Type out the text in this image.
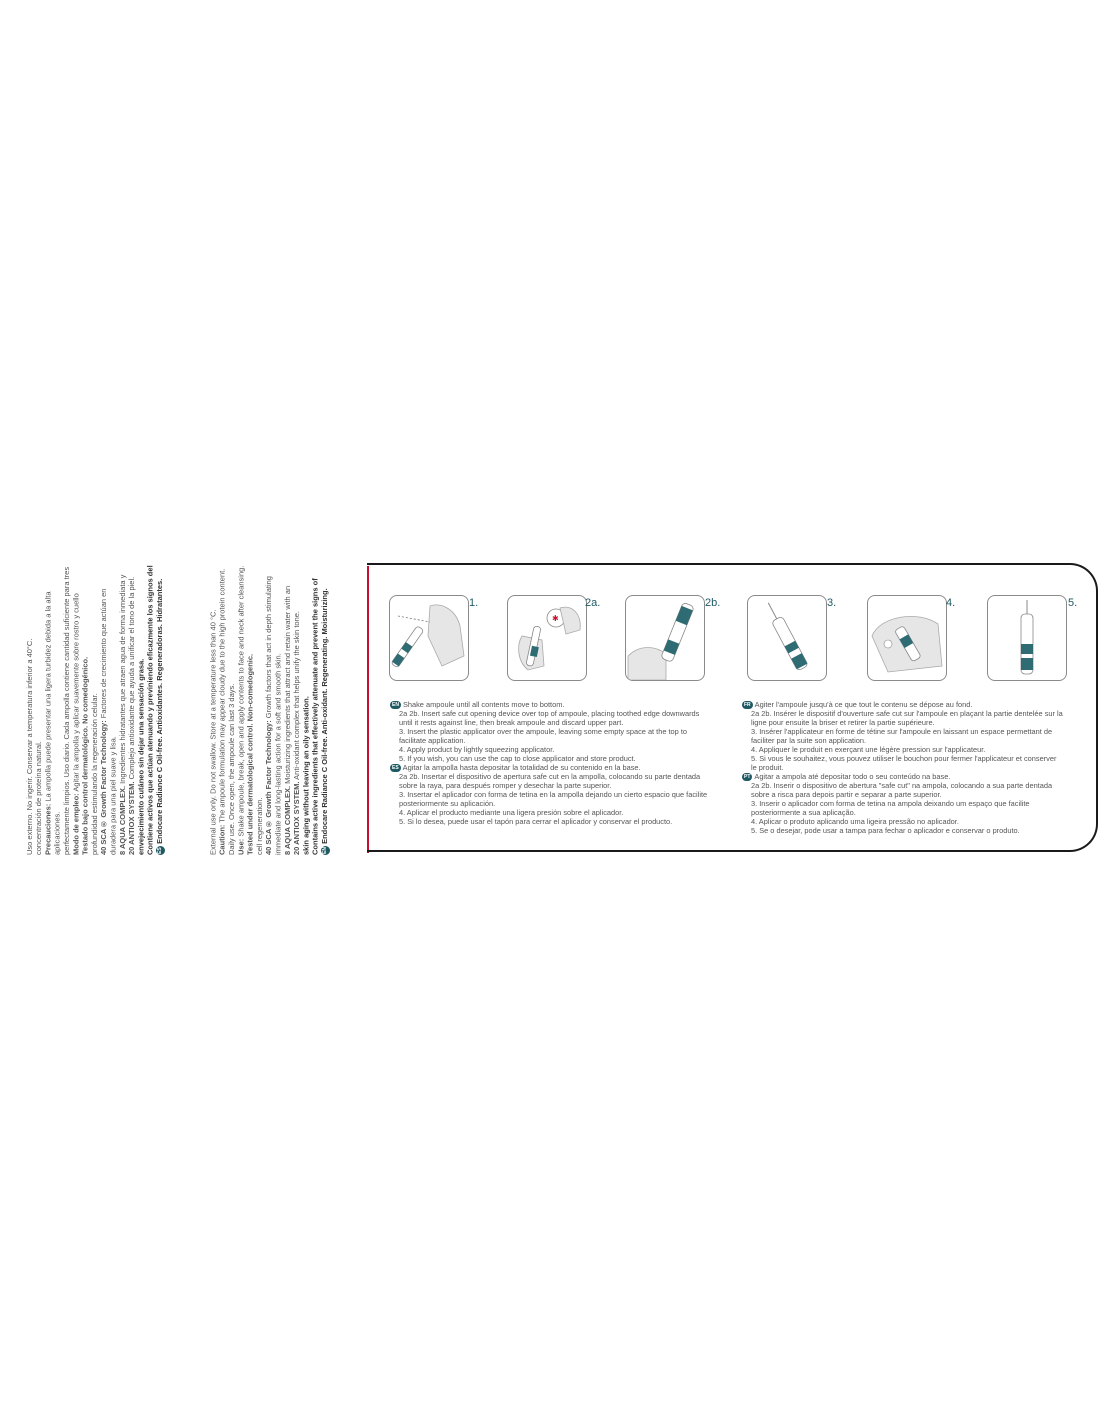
EN Endocare Radiance C Oil-free. Anti-oxidant. Regenerating. Moisturizing. Contains active ingredients that effectively attenuate and prevent the signs of skin aging without leaving an oily sensation.
20 ANTIOX SYSTEM. Anti-oxidant complex that helps unify the skin tone.
8 AQUA COMPLEX. Moisturizing ingredients that attract and retain water with an immediate and long-lasting action for a soft and smooth skin.
40 SCA® Growth Factor Technology: Growth factors that act in depth stimulating cell regeneration.
Tested under dermatological control. Non-comedogenic.
Use: Shake ampoule, break, open and apply contents to face and neck after cleansing. Daily use. Once open, the ampoule can last 3 days.
Caution: The ampoule formulation may appear cloudy due to the high protein content.
External use only. Do not swallow. Store at a temperature less than 40 °C.
ES Endocare Radiance C Oil-free. Antioxidantes. Regeneradoras. Hidratantes. Contiene activos que actúan atenuando y previniendo eficazmente los signos del envejecimiento cutáneo sin dejar una sensación grasa.
20 ANTIOX SYSTEM. Complejo antioxidante que ayuda a unificar el tono de la piel.
8 AQUA COMPLEX. Ingredientes hidratantes que atraen agua de forma inmediata y duradera para una piel suave y lisa.
40 SCA® Growth Factor Technology: Factores de crecimiento que actúan en profundidad estimulando la regeneración celular.
Testado bajo control dermatológico. No comedogénico.
Modo de empleo: Agitar la ampolla y aplicar suavemente sobre rostro y cuello perfectamente limpios. Uso diario. Cada ampolla contiene cantidad suficiente para tres aplicaciones.
Precauciones: La ampolla puede presentar una ligera turbidez debida a la alta concentración de proteína natural.
Uso externo. No ingerir. Conservar a temperatura inferior a 40°C.
1.
✱
2a.	2b.	3.	4.	5.
EN Shake ampoule until all contents move to bottom.
2a 2b. Insert safe cut opening device over top of ampoule, placing toothed edge downwards
until it rests against line, then break ampoule and discard upper part.
3. Insert the plastic applicator over the ampoule, leaving some empty space at the top to
facilitate application.
4. Apply product by lightly squeezing applicator.
5. If you wish, you can use the cap to close applicator and store product.
ES Agitar la ampolla hasta depositar la totalidad de su contenido en la base.
2a 2b. Insertar el dispositivo de apertura safe cut en la ampolla, colocando su parte dentada
sobre la raya, para después romper y desechar la parte superior.
3. Insertar el aplicador con forma de tetina en la ampolla dejando un cierto espacio que facilite
posteriormente su aplicación.
4. Aplicar el producto mediante una ligera presión sobre el aplicador.
5. Si lo desea, puede usar el tapón para cerrar el aplicador y conservar el producto.
FR Agiter l'ampoule jusqu'à ce que tout le contenu se dépose au fond.
2a 2b. Insérer le dispositif d'ouverture safe cut sur l'ampoule en plaçant la partie dentelée sur la
ligne pour ensuite la briser et retirer la partie supérieure.
3. Insérer l'applicateur en forme de tétine sur l'ampoule en laissant un espace permettant de
faciliter par la suite son application.
4. Appliquer le produit en exerçant une légère pression sur l'applicateur.
5. Si vous le souhaitez, vous pouvez utiliser le bouchon pour fermer l'applicateur et conserver
le produit.
PT Agitar a ampola até depositar todo o seu conteúdo na base.
2a 2b. Inserir o dispositivo de abertura "safe cut" na ampola, colocando a sua parte dentada
sobre a risca para depois partir e separar a parte superior.
3. Inserir o aplicador com forma de tetina na ampola deixando um espaço que facilite
posteriormente a sua aplicação.
4. Aplicar o produto aplicando uma ligeira pressão no aplicador.
5. Se o desejar, pode usar a tampa para fechar o aplicador e conservar o produto.
